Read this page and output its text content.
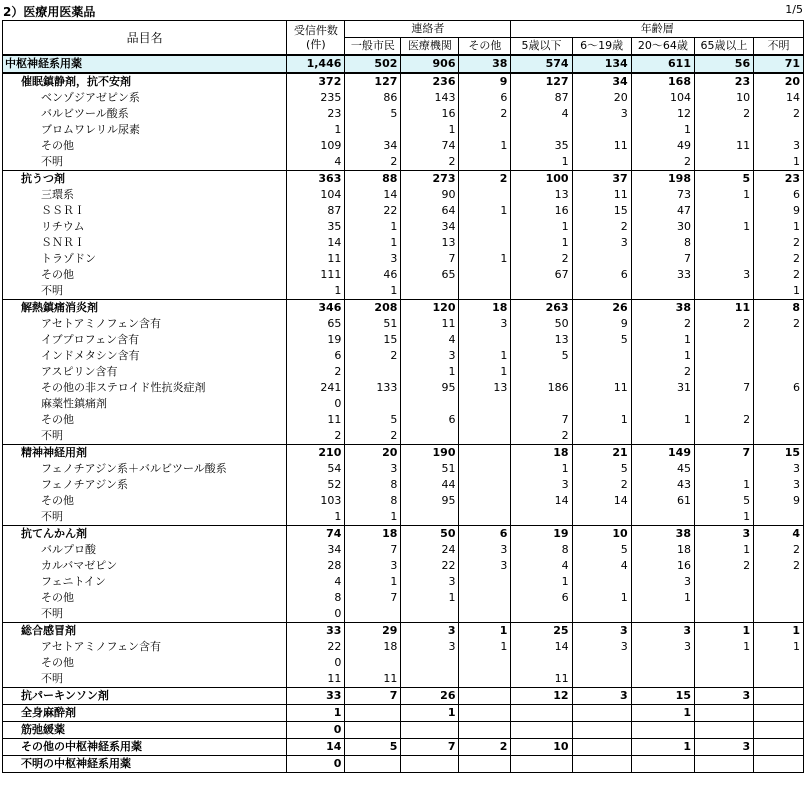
2）医療用医薬品	1/5
品目名	受信件数
(件)	連絡者			年齢層				
		一般市民	医療機関	その他	5歳以下	6～19歳	20～64歳	65歳以上	不明
中枢神経系用薬	1,446	502	906	38	574	134	611	56	71
催眠鎮静剤，抗不安剤	372	127	236	9	127	34	168	23	20
ベンゾジアゼピン系	235	86	143	6	87	20	104	10	14
バルビツール酸系	23	5	16	2	4	3	12	2	2
ブロムワレリル尿素	1		1				1		
その他	109	34	74	1	35	11	49	11	3
不明	4	2	2		1		2		1
抗うつ剤	363	88	273	2	100	37	198	5	23
三環系	104	14	90		13	11	73	1	6
ＳＳＲＩ	87	22	64	1	16	15	47		9
リチウム	35	1	34		1	2	30	1	1
ＳＮＲＩ	14	1	13		1	3	8		2
トラゾドン	11	3	7	1	2		7		2
その他	111	46	65		67	6	33	3	2
不明	1	1							1
解熱鎮痛消炎剤	346	208	120	18	263	26	38	11	8
アセトアミノフェン含有	65	51	11	3	50	9	2	2	2
イブプロフェン含有	19	15	4		13	5	1		
インドメタシン含有	6	2	3	1	5		1		
アスピリン含有	2		1	1			2		
その他の非ステロイド性抗炎症剤	241	133	95	13	186	11	31	7	6
麻薬性鎮痛剤	0								
その他	11	5	6		7	1	1	2	
不明	2	2			2				
精神神経用剤	210	20	190		18	21	149	7	15
フェノチアジン系＋バルビツール酸系	54	3	51		1	5	45		3
フェノチアジン系	52	8	44		3	2	43	1	3
その他	103	8	95		14	14	61	5	9
不明	1	1						1	
抗てんかん剤	74	18	50	6	19	10	38	3	4
バルプロ酸	34	7	24	3	8	5	18	1	2
カルバマゼピン	28	3	22	3	4	4	16	2	2
フェニトイン	4	1	3		1		3		
その他	8	7	1		6	1	1		
不明	0								
総合感冒剤	33	29	3	1	25	3	3	1	1
アセトアミノフェン含有	22	18	3	1	14	3	3	1	1
その他	0								
不明	11	11			11				
抗パーキンソン剤	33	7	26		12	3	15	3	
全身麻酔剤	1		1				1		
筋弛緩薬	0								
その他の中枢神経系用薬	14	5	7	2	10		1	3	
不明の中枢神経系用薬	0								
